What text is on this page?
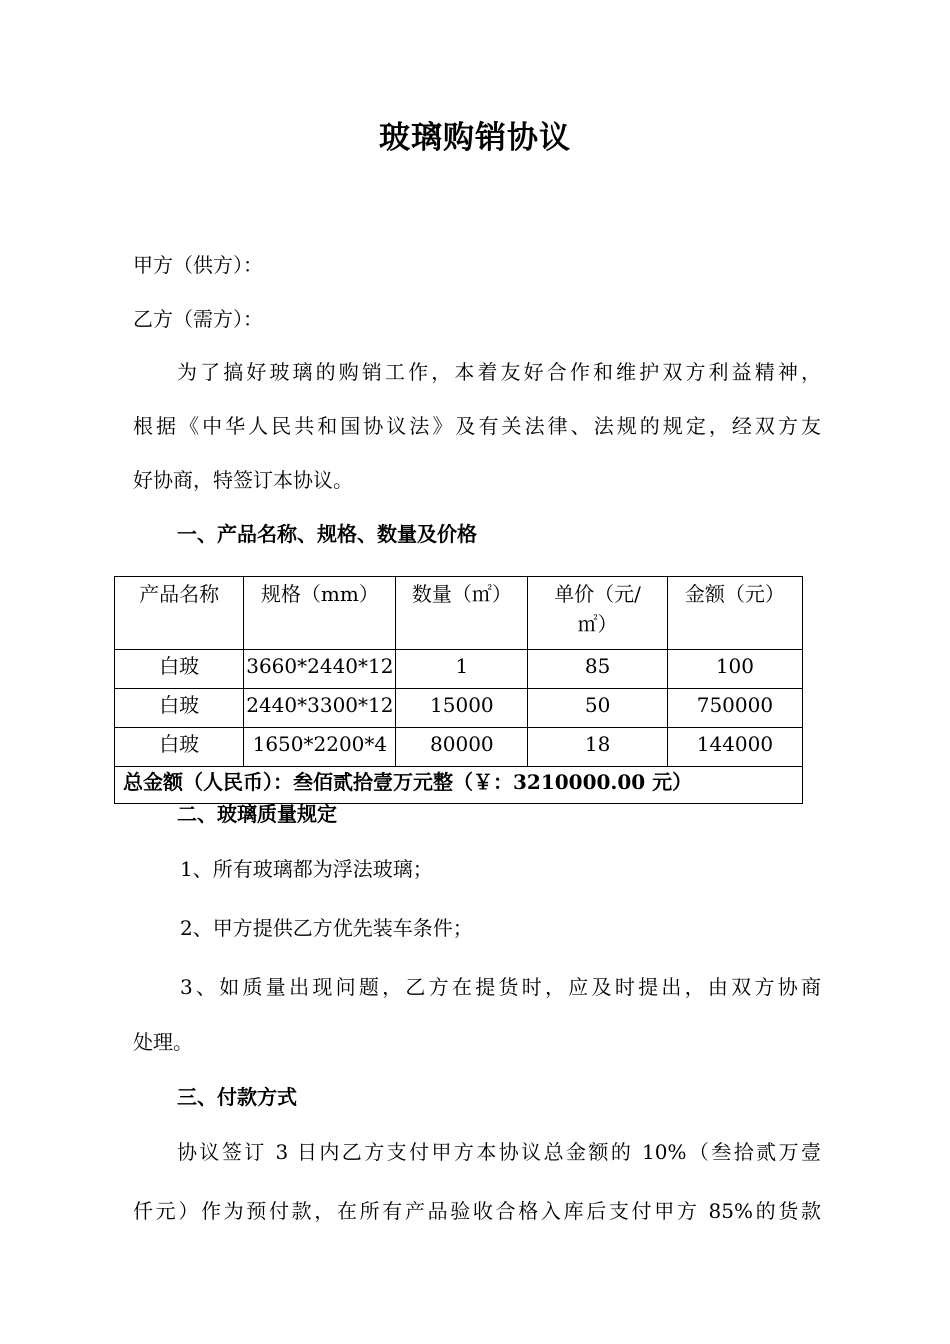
玻璃购销协议
甲方（供方）：
乙方（需方）：
为了搞好玻璃的购销工作，本着友好合作和维护双方利益精神，
根据《中华人民共和国协议法》及有关法律、法规的规定，经双方友
好协商，特签订本协议。
一、产品名称、规格、数量及价格
产品名称	规格（mm）	数量（㎡）	单价（元/㎡）	金额（元）
白玻	3660*2440*12	1	85	100
白玻	2440*3300*12	15000	50	750000
白玻	1650*2200*4	80000	18	144000
总金额（人民币）：叁佰贰拾壹万元整（￥：3210000.00 元）				
二、玻璃质量规定
1、所有玻璃都为浮法玻璃；
2、甲方提供乙方优先装车条件；
3、如质量出现问题，乙方在提货时，应及时提出，由双方协商
处理。
三、付款方式
协议签订 3 日内乙方支付甲方本协议总金额的 10%（叁拾贰万壹
仟元）作为预付款，在所有产品验收合格入库后支付甲方 85%的货款
